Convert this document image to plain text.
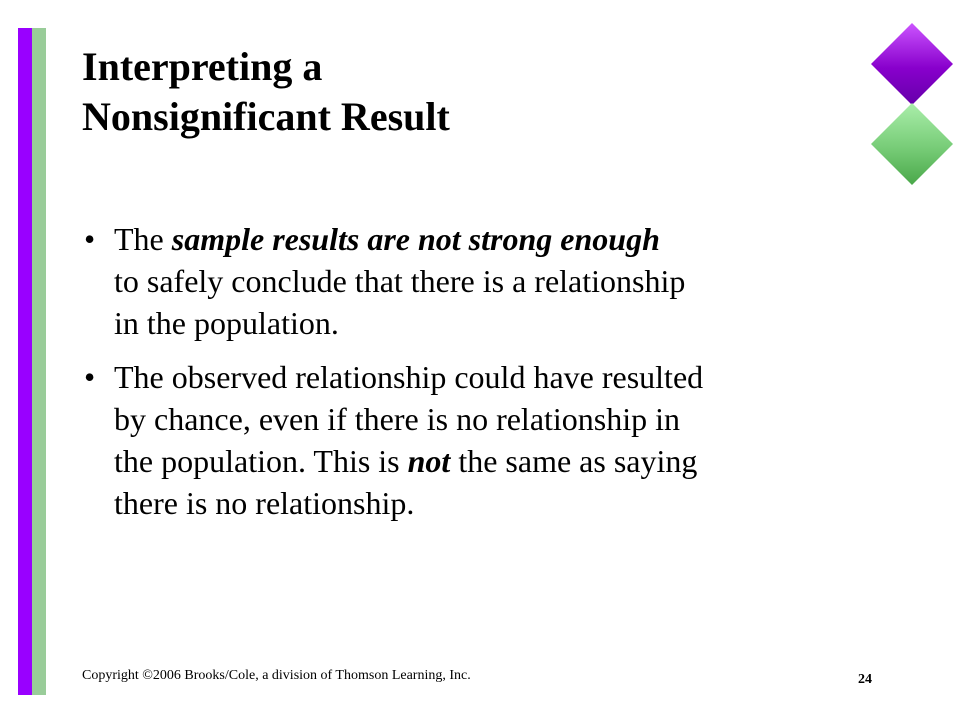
Interpreting a
Nonsignificant Result
• The sample results are not strong enough
to safely conclude that there is a relationship
in the population.
• The observed relationship could have resulted
by chance, even if there is no relationship in
the population. This is not the same as saying
there is no relationship.
Copyright ©2006 Brooks/Cole, a division of Thomson Learning, Inc.	24
